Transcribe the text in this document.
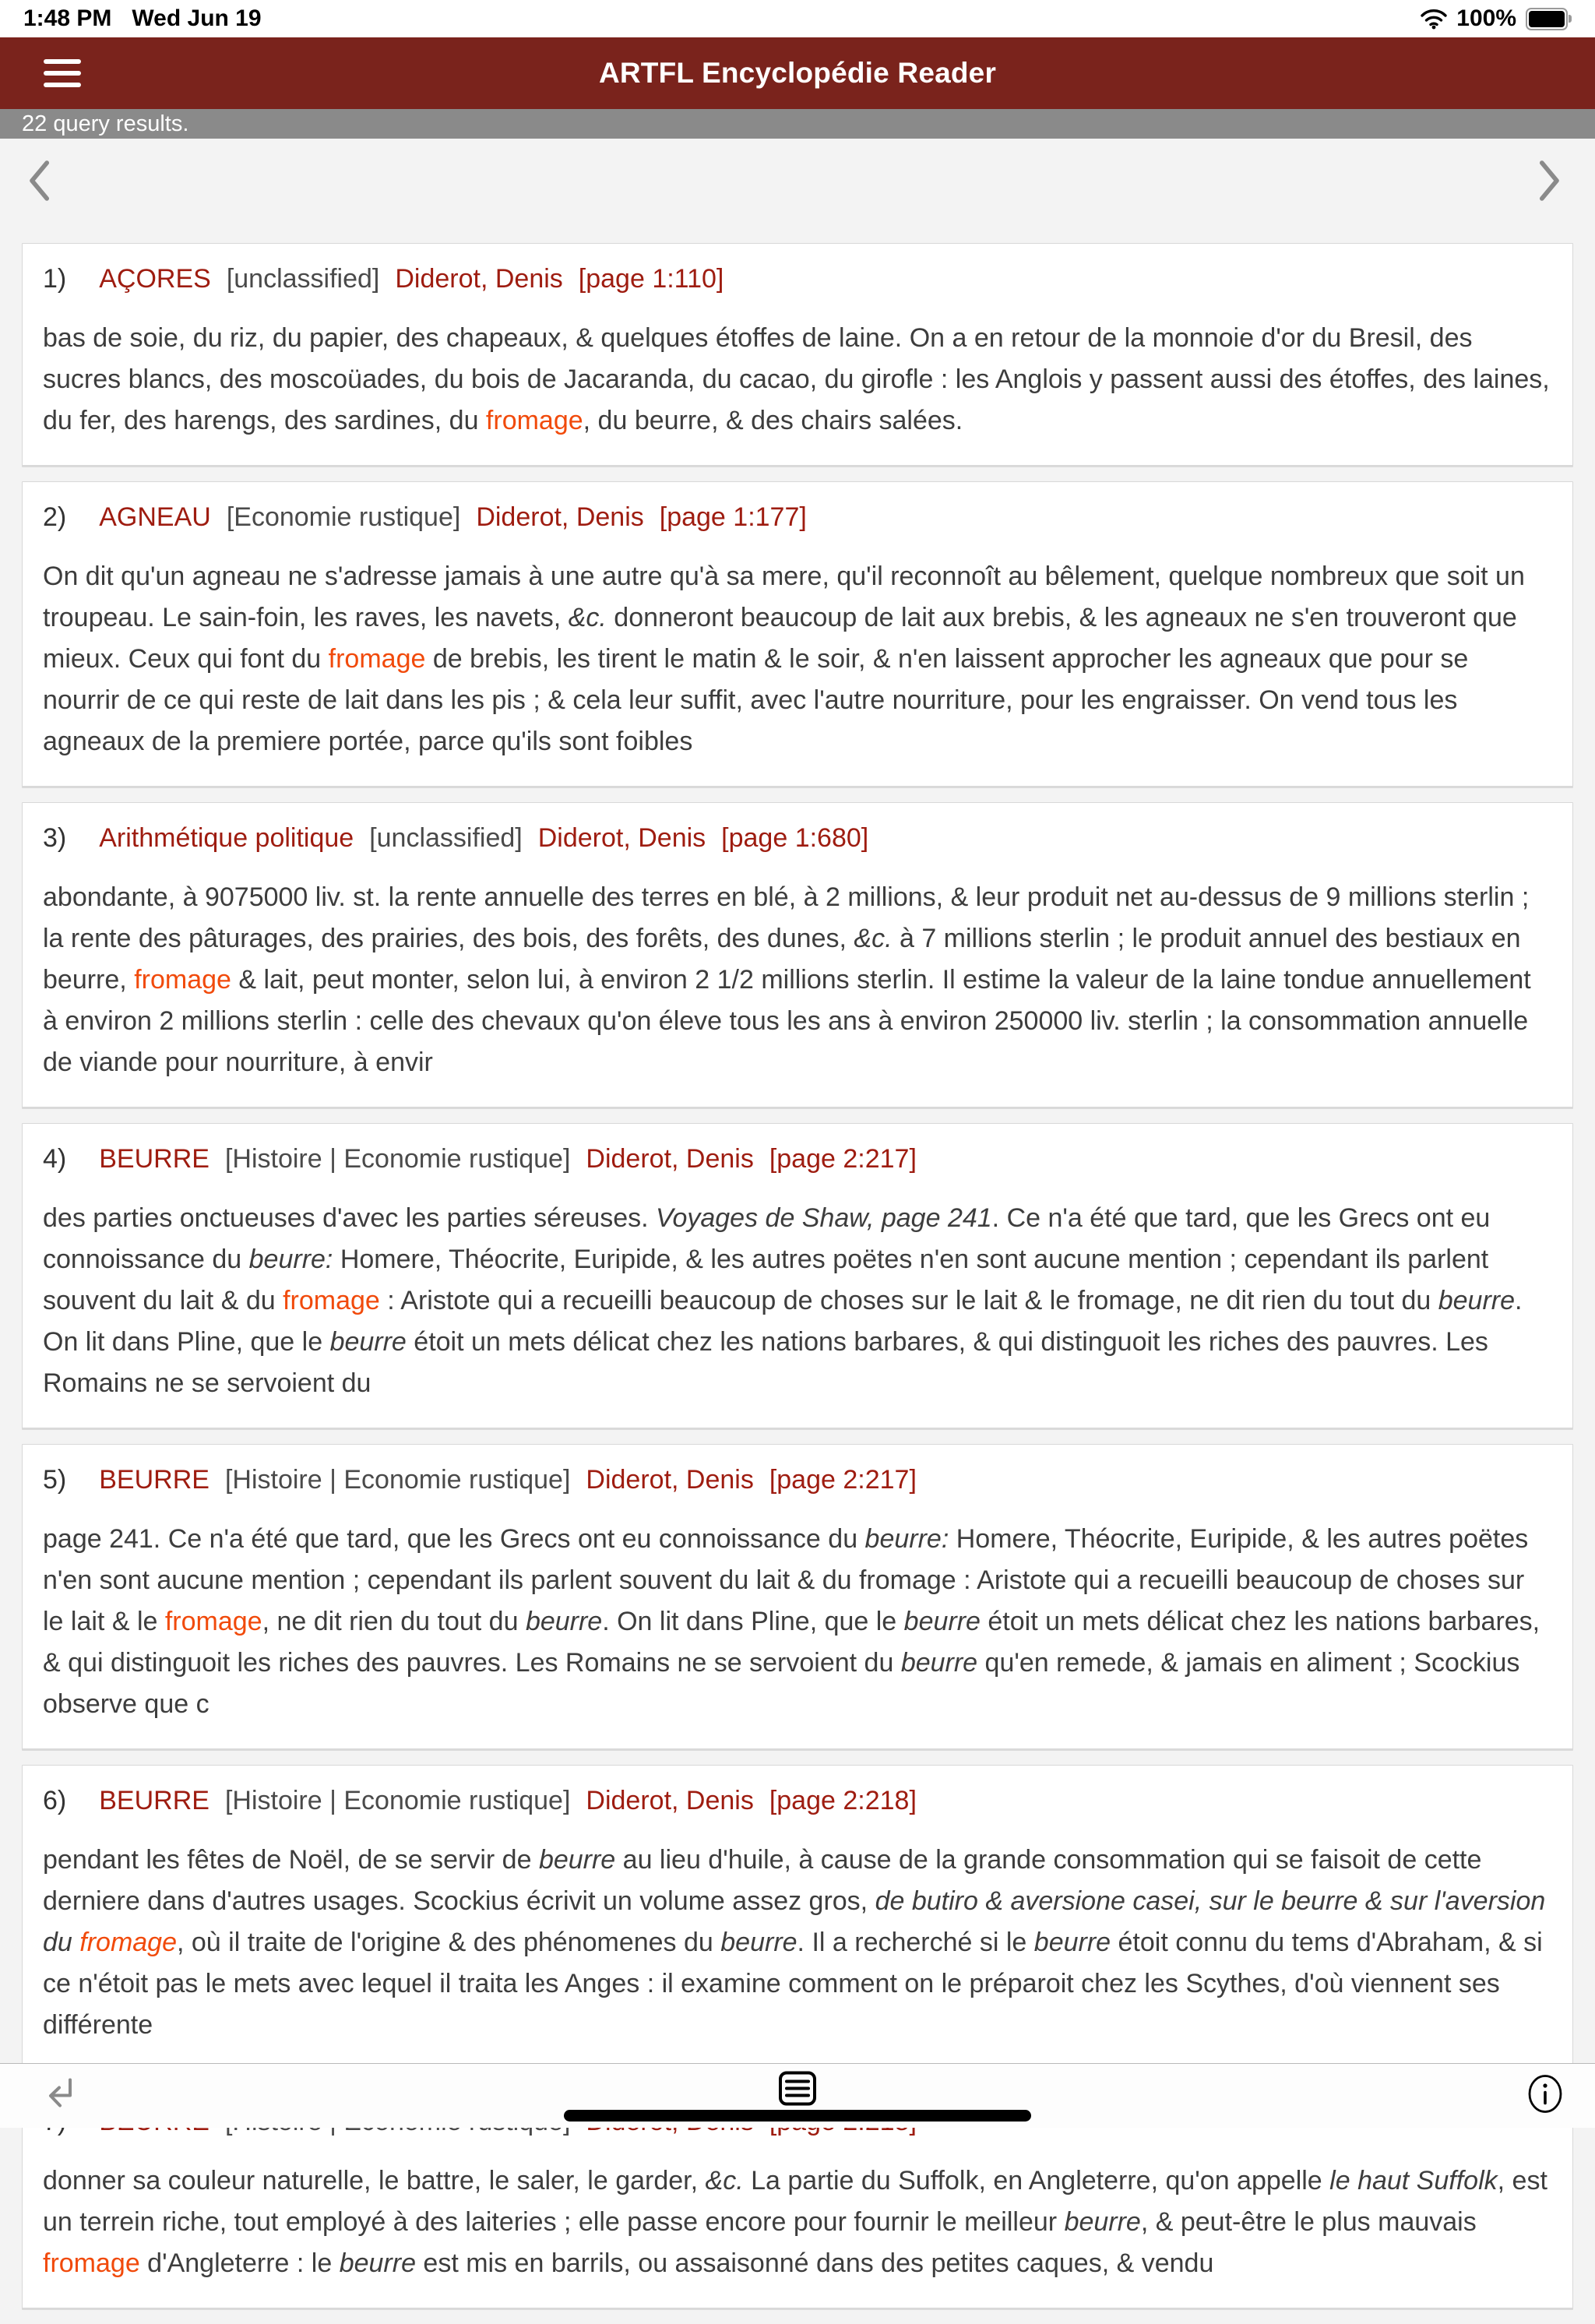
1:48 PM Wed Jun 19	100%
ARTFL Encyclopédie Reader
22 query results.
1) AÇORES [unclassified] Diderot, Denis [page 1:110]
bas de soie, du riz, du papier, des chapeaux, & quelques étoffes de laine. On a en retour de la monnoie d'or du Bresil, des sucres blancs, des moscoüades, du bois de Jacaranda, du cacao, du girofle : les Anglois y passent aussi des étoffes, des laines, du fer, des harengs, des sardines, du fromage, du beurre, & des chairs salées.
2) AGNEAU [Economie rustique] Diderot, Denis [page 1:177]
On dit qu'un agneau ne s'adresse jamais à une autre qu'à sa mere, qu'il reconnoît au bêlement, quelque nombreux que soit un troupeau. Le sain-foin, les raves, les navets, &c. donneront beaucoup de lait aux brebis, & les agneaux ne s'en trouveront que mieux. Ceux qui font du fromage de brebis, les tirent le matin & le soir, & n'en laissent approcher les agneaux que pour se nourrir de ce qui reste de lait dans les pis ; & cela leur suffit, avec l'autre nourriture, pour les engraisser. On vend tous les agneaux de la premiere portée, parce qu'ils sont foibles
3) Arithmétique politique [unclassified] Diderot, Denis [page 1:680]
abondante, à 9075000 liv. st. la rente annuelle des terres en blé, à 2 millions, & leur produit net au-dessus de 9 millions sterlin ; la rente des pâturages, des prairies, des bois, des forêts, des dunes, &c. à 7 millions sterlin ; le produit annuel des bestiaux en beurre, fromage & lait, peut monter, selon lui, à environ 2 1/2 millions sterlin. Il estime la valeur de la laine tondue annuellement à environ 2 millions sterlin : celle des chevaux qu'on éleve tous les ans à environ 250000 liv. sterlin ; la consommation annuelle de viande pour nourriture, à envir
4) BEURRE [Histoire | Economie rustique] Diderot, Denis [page 2:217]
des parties onctueuses d'avec les parties séreuses. Voyages de Shaw, page 241. Ce n'a été que tard, que les Grecs ont eu connoissance du beurre: Homere, Théocrite, Euripide, & les autres poëtes n'en sont aucune mention ; cependant ils parlent souvent du lait & du fromage : Aristote qui a recueilli beaucoup de choses sur le lait & le fromage, ne dit rien du tout du beurre. On lit dans Pline, que le beurre étoit un mets délicat chez les nations barbares, & qui distinguoit les riches des pauvres. Les Romains ne se servoient du
5) BEURRE [Histoire | Economie rustique] Diderot, Denis [page 2:217]
page 241. Ce n'a été que tard, que les Grecs ont eu connoissance du beurre: Homere, Théocrite, Euripide, & les autres poëtes n'en sont aucune mention ; cependant ils parlent souvent du lait & du fromage : Aristote qui a recueilli beaucoup de choses sur le lait & le fromage, ne dit rien du tout du beurre. On lit dans Pline, que le beurre étoit un mets délicat chez les nations barbares, & qui distinguoit les riches des pauvres. Les Romains ne se servoient du beurre qu'en remede, & jamais en aliment ; Scockius observe que c
6) BEURRE [Histoire | Economie rustique] Diderot, Denis [page 2:218]
pendant les fêtes de Noël, de se servir de beurre au lieu d'huile, à cause de la grande consommation qui se faisoit de cette derniere dans d'autres usages. Scockius écrivit un volume assez gros, de butiro & aversione casei, sur le beurre & sur l'aversion du fromage, où il traite de l'origine & des phénomenes du beurre. Il a recherché si le beurre étoit connu du tems d'Abraham, & si ce n'étoit pas le mets avec lequel il traita les Anges : il examine comment on le préparoit chez les Scythes, d'où viennent ses différente
donner sa couleur naturelle, le battre, le saler, le garder, &c. La partie du Suffolk, en Angleterre, qu'on appelle le haut Suffolk, est un terrein riche, tout employé à des laiteries ; elle passe encore pour fournir le meilleur beurre, & peut-être le plus mauvais fromage d'Angleterre : le beurre est mis en barrils, ou assaisonné dans des petites caques, & vendu
